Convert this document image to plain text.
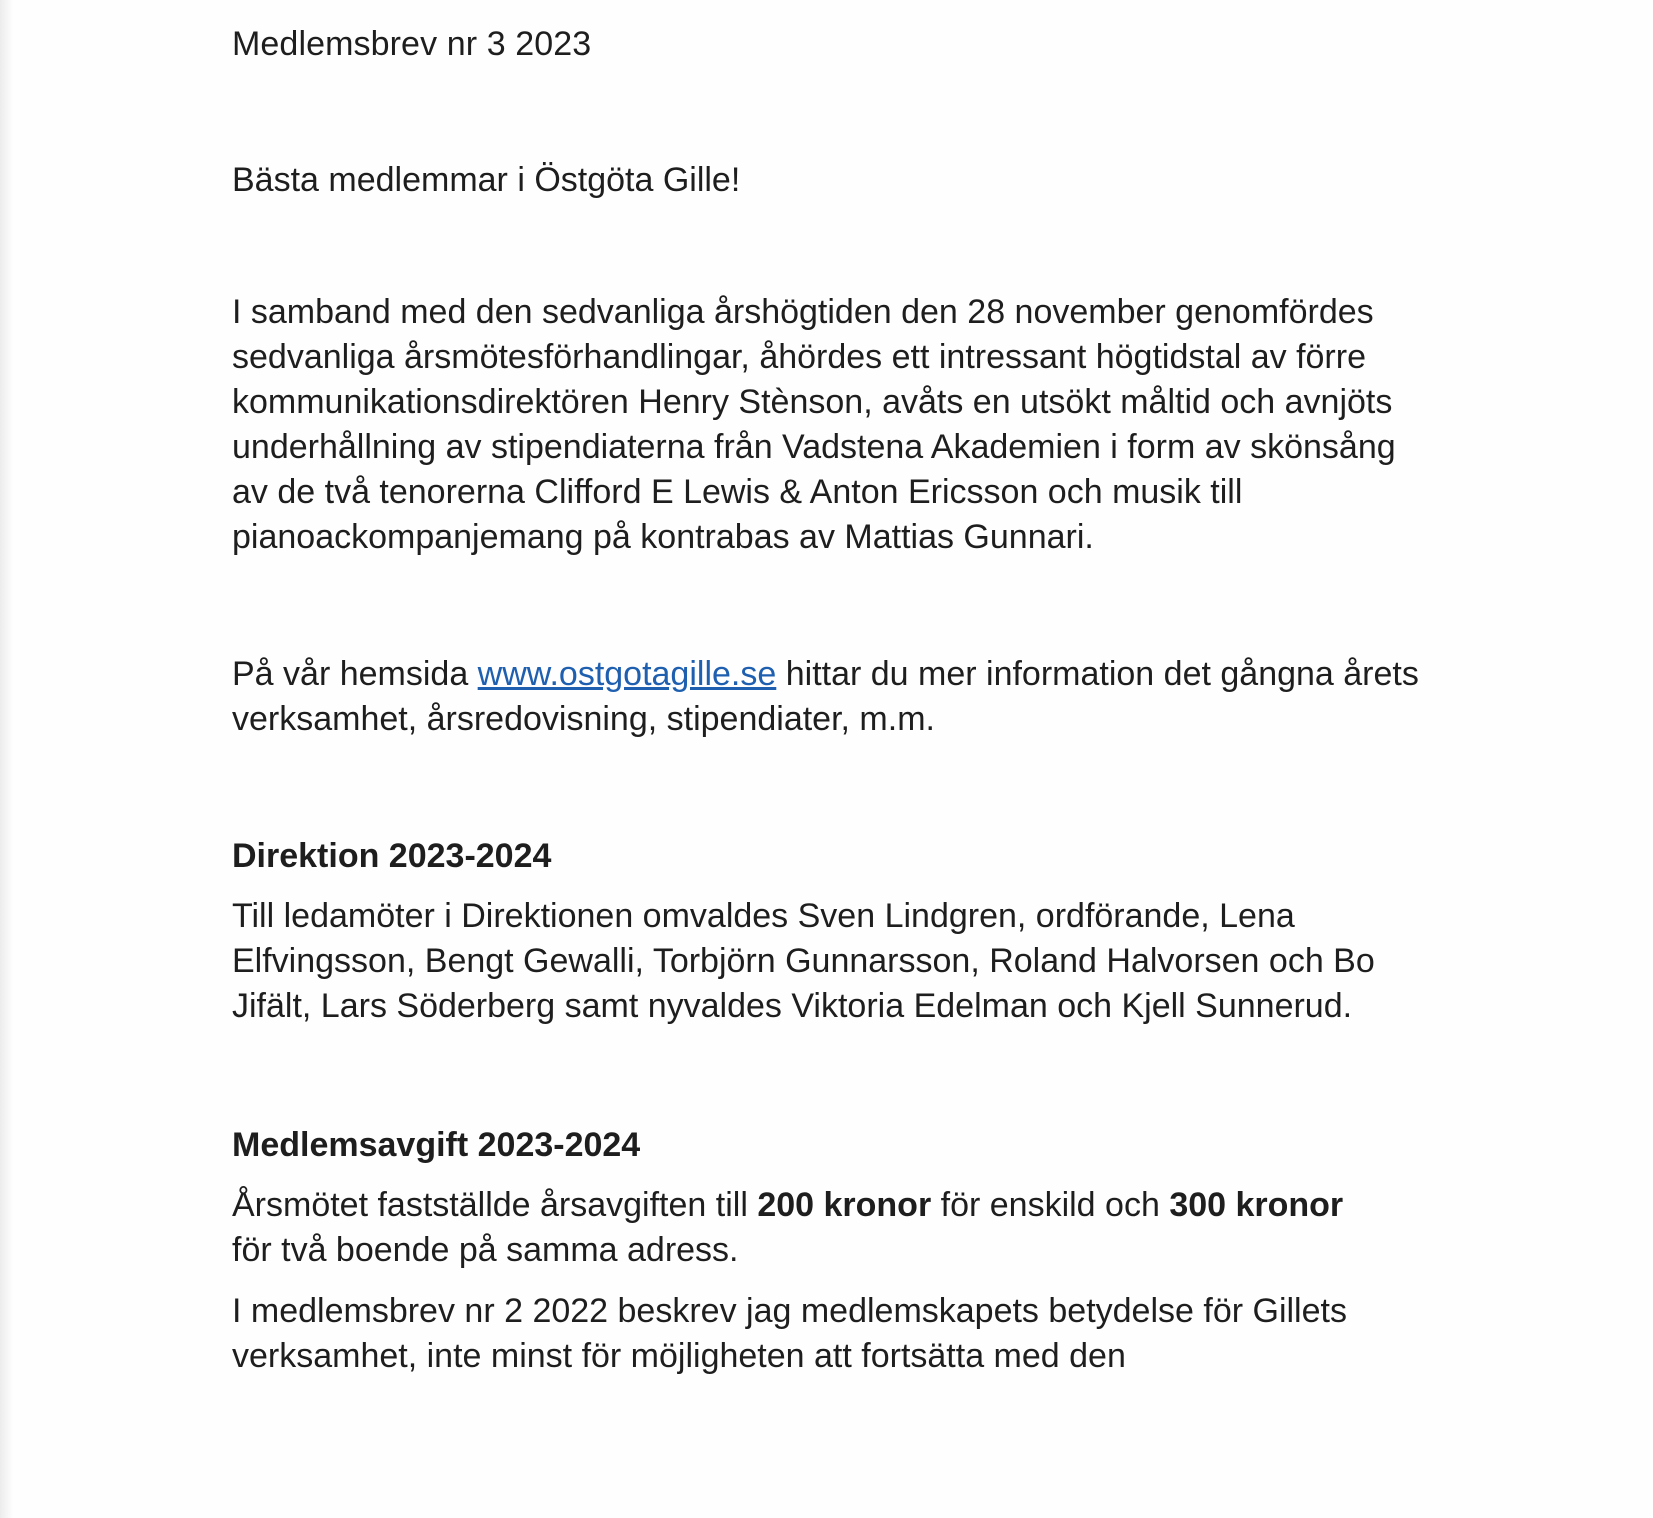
Medlemsbrev nr 3 2023

Bästa medlemmar i Östgöta Gille!

I samband med den sedvanliga årshögtiden den 28 november genomfördes sedvanliga årsmötesförhandlingar, åhördes ett intressant högtidstal av förre kommunikationsdirektören Henry Stènson, avåts en utsökt måltid och avnjöts underhållning av stipendiaterna från Vadstena Akademien i form av skönsång av de två tenorerna Clifford E Lewis & Anton Ericsson och musik till pianoackompanjemang på kontrabas av Mattias Gunnari.

På vår hemsida www.ostgotagille.se hittar du mer information det gångna årets verksamhet, årsredovisning, stipendiater, m.m.

Direktion 2023-2024

Till ledamöter i Direktionen omvaldes Sven Lindgren, ordförande, Lena Elfvingsson, Bengt Gewalli, Torbjörn Gunnarsson, Roland Halvorsen och Bo Jifält, Lars Söderberg samt nyvaldes Viktoria Edelman och Kjell Sunnerud.

Medlemsavgift 2023-2024

Årsmötet fastställde årsavgiften till 200 kronor för enskild och 300 kronor för två boende på samma adress.

I medlemsbrev nr 2 2022 beskrev jag medlemskapets betydelse för Gillets verksamhet, inte minst för möjligheten att fortsätta med den
